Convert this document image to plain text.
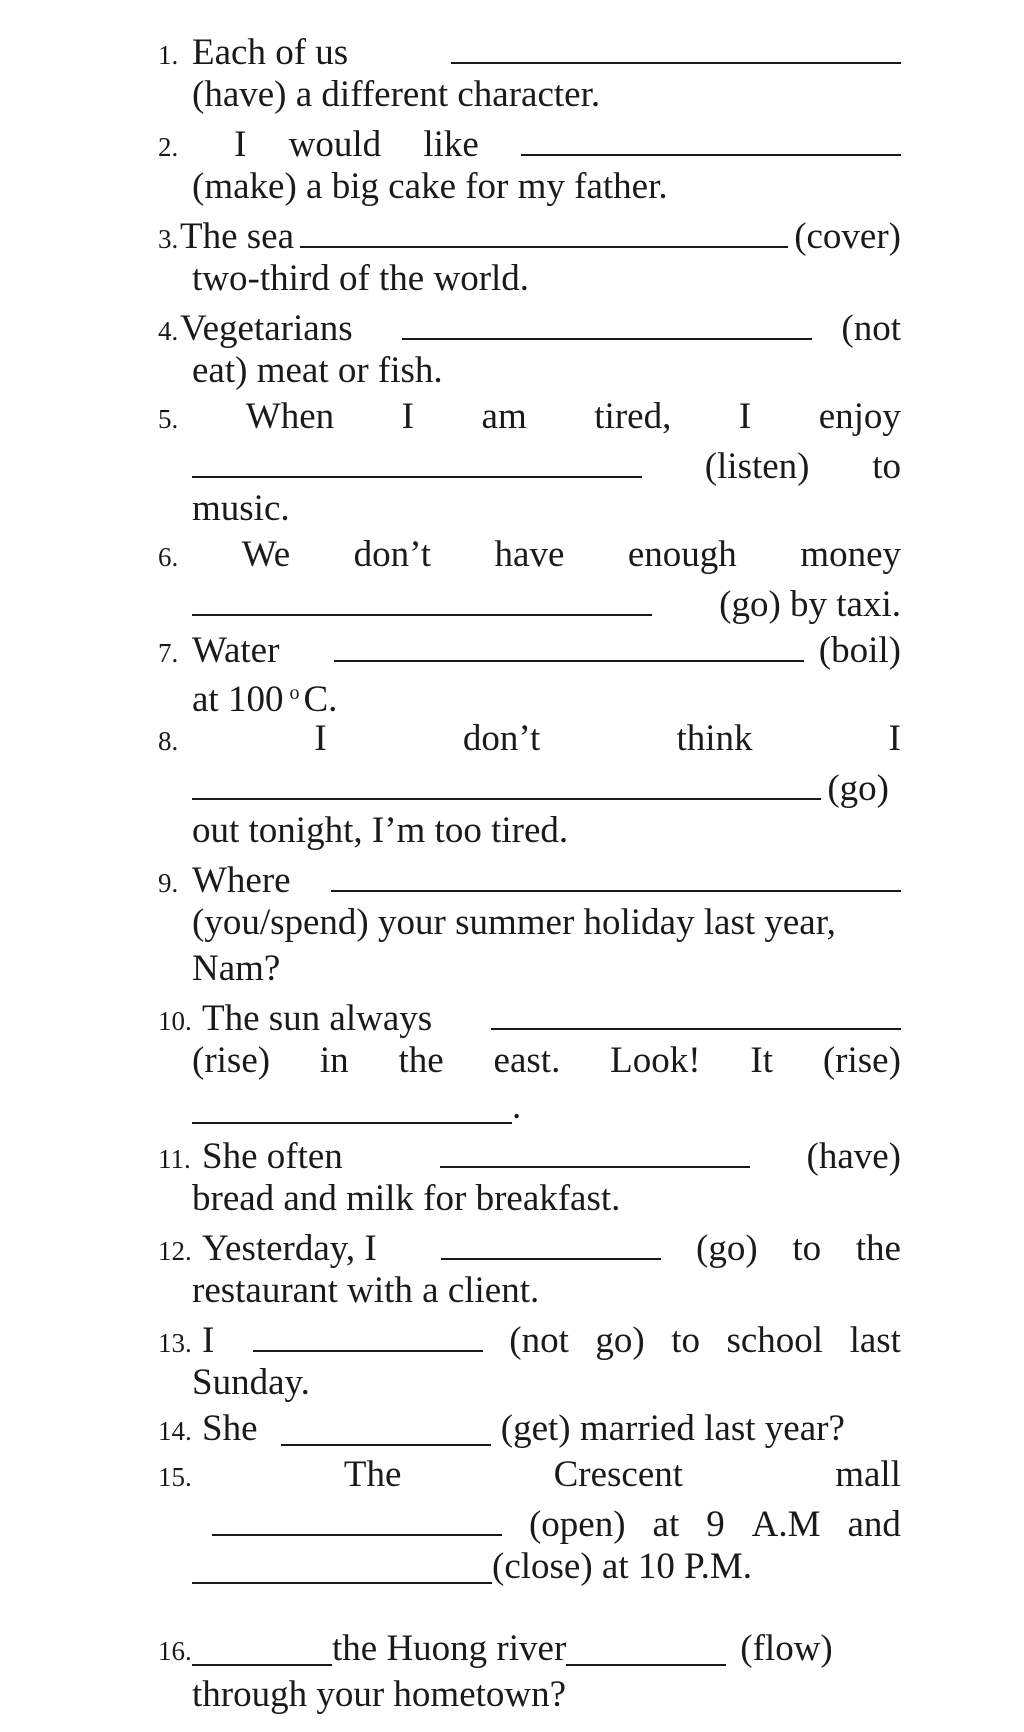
1. Each of us
(have) a different character.
2.	I would like
(make) a big cake for my father.
3.The sea	(cover)
two-third of the world.
4.Vegetarians	(not
eat) meat or fish.
5. When I am tired, I enjoy
(listen) to
music.
6. We don’t have enough money
(go) by taxi.
7. Water	(boil)
at 100 $^o$ C.
8.	I	don’t	think	I
(go)
out tonight, I’m too tired.
9. Where
(you/spend) your summer holiday last year,
Nam?
10. The sun always
(rise) in the east. Look! It (rise)
.
11. She often	(have)
bread and milk for breakfast.
12. Yesterday, I	(go) to the
restaurant with a client.
13. I	(not go) to school last
Sunday.
14. She	(get) married last year?
15.	The	Crescent	mall
(open) at 9 A.M and
(close) at 10 P.M.
16.	the Huong river	(flow)
through your hometown?
